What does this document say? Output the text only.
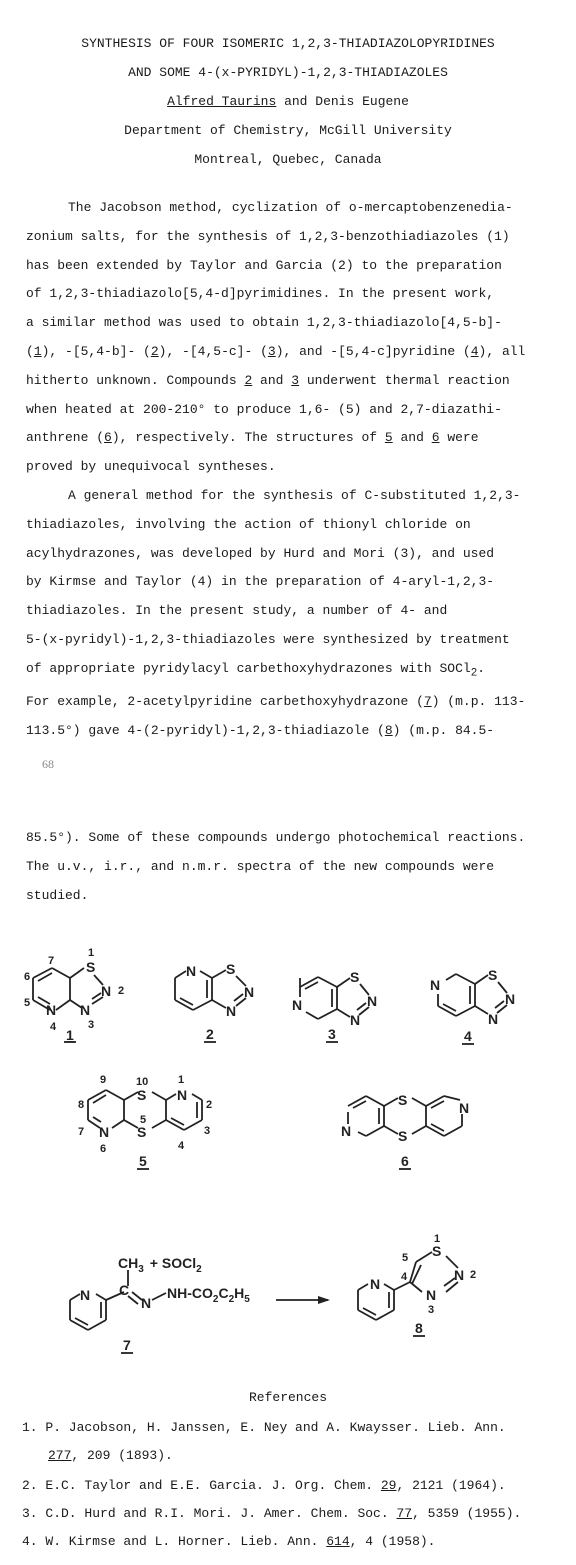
SYNTHESIS OF FOUR ISOMERIC 1,2,3-THIADIAZOLOPYRIDINES
AND SOME 4-(x-PYRIDYL)-1,2,3-THIADIAZOLES
Alfred Taurins and Denis Eugene
Department of Chemistry, McGill University
Montreal, Quebec, Canada

The Jacobson method, cyclization of o-mercaptobenzenedia-

zonium salts, for the synthesis of 1,2,3-benzothiadiazoles (1)

has been extended by Taylor and Garcia (2) to the preparation

of 1,2,3-thiadiazolo[5,4-d]pyrimidines. In the present work,

a similar method was used to obtain 1,2,3-thiadiazolo[4,5-b]-

(1), -[5,4-b]- (2), -[4,5-c]- (3), and -[5,4-c]pyridine (4), all

hitherto unknown. Compounds 2 and 3 underwent thermal reaction

when heated at 200-210° to produce 1,6- (5) and 2,7-diazathi-

anthrene (6), respectively. The structures of 5 and 6 were

proved by unequivocal syntheses.

A general method for the synthesis of C-substituted 1,2,3-

thiadiazoles, involving the action of thionyl chloride on

acylhydrazones, was developed by Hurd and Mori (3), and used

by Kirmse and Taylor (4) in the preparation of 4-aryl-1,2,3-

thiadiazoles. In the present study, a number of 4- and

5-(x-pyridyl)-1,2,3-thiadiazoles were synthesized by treatment

of appropriate pyridylacyl carbethoxyhydrazones with SOCl$_2$.

For example, 2-acetylpyridine carbethoxyhydrazone (7) (m.p. 113-

113.5°) gave 4-(2-pyridyl)-1,2,3-thiadiazole (8) (m.p. 84.5-

68

85.5°). Some of these compounds undergo photochemical reactions.

The u.v., i.r., and n.m.r. spectra of the new compounds were

studied.

S
N
N
N
1
2
3
4
5
6
7
1
N S
N
N
2
N
S
N
N
3
N
S
N
N
4
S
S
N
N
9	10	1
8	2
7	3
5
6	4
5
S
S
N
N
6
N C
N
$CH_3$ + SOCl$_2$
$NH-CO_2C_2H_5$
7
N
S
N
N
1
2
3
4
5
8
References
1. P. Jacobson, H. Janssen, E. Ney and A. Kwaysser. Lieb. Ann.
277, 209 (1893).
2. E.C. Taylor and E.E. Garcia. J. Org. Chem. 29, 2121 (1964).
3. C.D. Hurd and R.I. Mori. J. Amer. Chem. Soc. 77, 5359 (1955).
4. W. Kirmse and L. Horner. Lieb. Ann. 614, 4 (1958).
